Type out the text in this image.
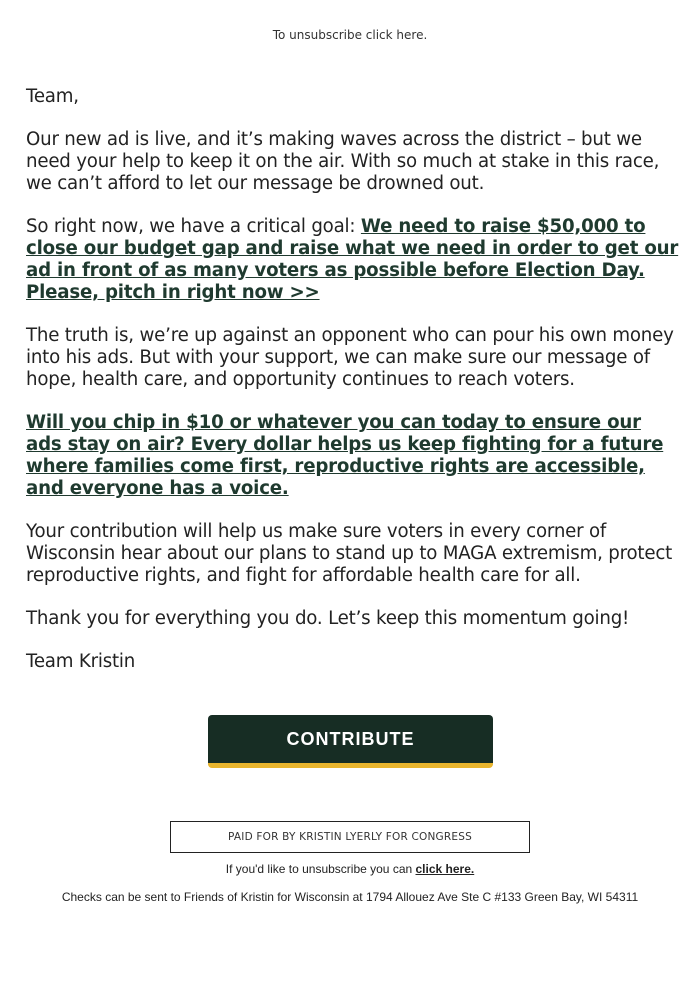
To unsubscribe click here.

Team,

Our new ad is live, and it’s making waves across the district – but we need your help to keep it on the air. With so much at stake in this race, we can’t afford to let our message be drowned out.

So right now, we have a critical goal: We need to raise $50,000 to close our budget gap and raise what we need in order to get our ad in front of as many voters as possible before Election Day. Please, pitch in right now >>

The truth is, we’re up against an opponent who can pour his own money into his ads. But with your support, we can make sure our message of hope, health care, and opportunity continues to reach voters.

Will you chip in $10 or whatever you can today to ensure our ads stay on air? Every dollar helps us keep fighting for a future where families come first, reproductive rights are accessible, and everyone has a voice.

Your contribution will help us make sure voters in every corner of Wisconsin hear about our plans to stand up to MAGA extremism, protect reproductive rights, and fight for affordable health care for all.

Thank you for everything you do. Let’s keep this momentum going!

Team Kristin

CONTRIBUTE
PAID FOR BY KRISTIN LYERLY FOR CONGRESS
If you'd like to unsubscribe you can click here.
Checks can be sent to Friends of Kristin for Wisconsin at 1794 Allouez Ave Ste C #133 Green Bay, WI 54311
